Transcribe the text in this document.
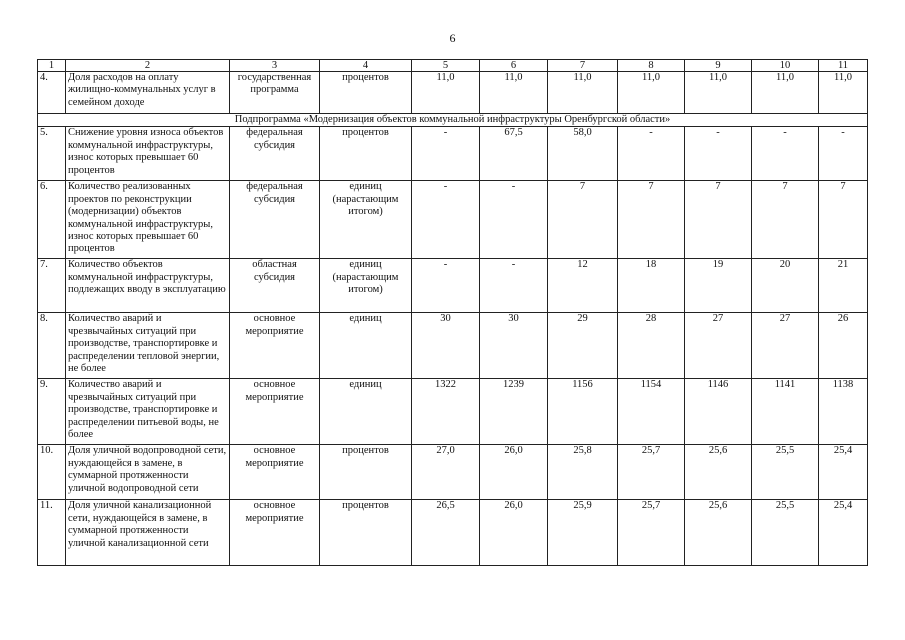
6
1	2	3	4	5	6	7	8	9	10	11
4.	Доля расходов на оплату жилищно-коммунальных услуг в семейном доходе	государственная программа	процентов	11,0	11,0	11,0	11,0	11,0	11,0	11,0
Подпрограмма «Модернизация объектов коммунальной инфраструктуры Оренбургской области»										
5.	Снижение уровня износа объектов коммунальной инфраструктуры, износ которых превышает 60 процентов	федеральная субсидия	процентов	-	67,5	58,0	-	-	-	-
6.	Количество реализованных проектов по реконструкции (модернизации) объектов коммунальной инфраструктуры, износ которых превышает 60 процентов	федеральная субсидия	единиц (нарастающим итогом)	-	-	7	7	7	7	7
7.	Количество объектов коммунальной инфраструктуры, подлежащих вводу в эксплуатацию	областная субсидия	единиц (нарастающим итогом)	-	-	12	18	19	20	21
8.	Количество аварий и чрезвычайных ситуаций при производстве, транспортировке и распределении тепловой энергии, не более	основное мероприятие	единиц	30	30	29	28	27	27	26
9.	Количество аварий и чрезвычайных ситуаций при производстве, транспортировке и распределении питьевой воды, не более	основное мероприятие	единиц	1322	1239	1156	1154	1146	1141	1138
10.	Доля уличной водопроводной сети, нуждающейся в замене, в суммарной протяженности уличной водопроводной сети	основное мероприятие	процентов	27,0	26,0	25,8	25,7	25,6	25,5	25,4
11.	Доля уличной канализационной сети, нуждающейся в замене, в суммарной протяженности уличной канализационной сети	основное мероприятие	процентов	26,5	26,0	25,9	25,7	25,6	25,5	25,4
